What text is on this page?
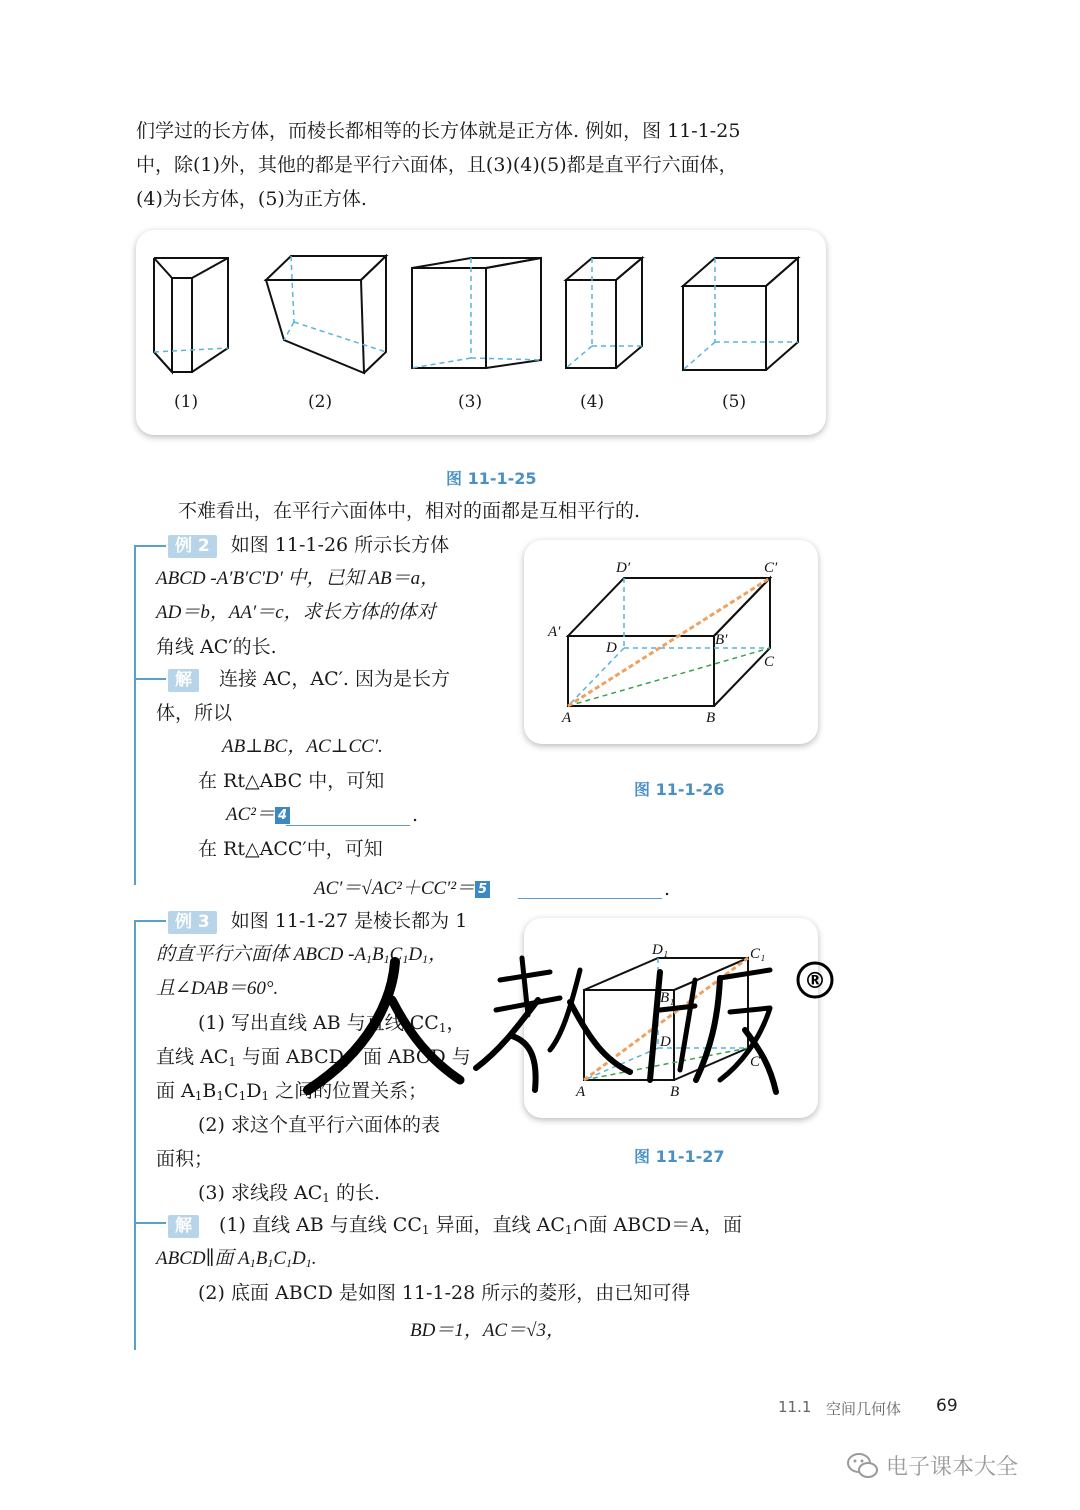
们学过的长方体，而棱长都相等的长方体就是正方体. 例如，图 11-1-25
中，除(1)外，其他的都是平行六面体，且(3)(4)(5)都是直平行六面体，
(4)为长方体，(5)为正方体.
(1)	(2)	(3)	(4)	(5)
图 11-1-25
不难看出，在平行六面体中，相对的面都是互相平行的.
例 2 如图 11-1-26 所示长方体
ABCD -A′B′C′D′ 中，已知 AB＝a，
AD＝b，AA′＝c，求长方体的体对
角线 AC′的长.
解 连接 AC，AC′. 因为是长方
体，所以
AB⊥BC，AC⊥CC′.
在 Rt△ABC 中，可知
AC²＝ 4	.
在 Rt△ACC′中，可知
AC′＝√AC²＋CC′²＝ 5	.
D′	C′
A′	B′
D
C
A	B
图 11-1-26
例 3 如图 11-1-27 是棱长都为 1
的直平行六面体 ABCD $-A_1B_1C_1D_1$，
且∠DAB＝60°.
(1) 写出直线 AB 与直线 $CC_1$，
直线 $AC_1$ 与面 ABCD，面 ABCD 与
面 $A_1B_1C_1D_1$ 之间的位置关系；
(2) 求这个直平行六面体的表
面积；
(3) 求线段 $AC_1$ 的长.
解 (1) 直线 AB 与直线 $CC_1$ 异面，直线 $AC_1\cap$面 ABCD＝A，面
ABCD∥面 $A_1B_1C_1D_1$.
(2) 底面 ABCD 是如图 11-1-28 所示的菱形，由已知可得
BD＝1，AC＝√3，
D₁	C₁
B₁
D
C
A	B
图 11-1-27
®
11.1 空间几何体 69
电子课本大全
